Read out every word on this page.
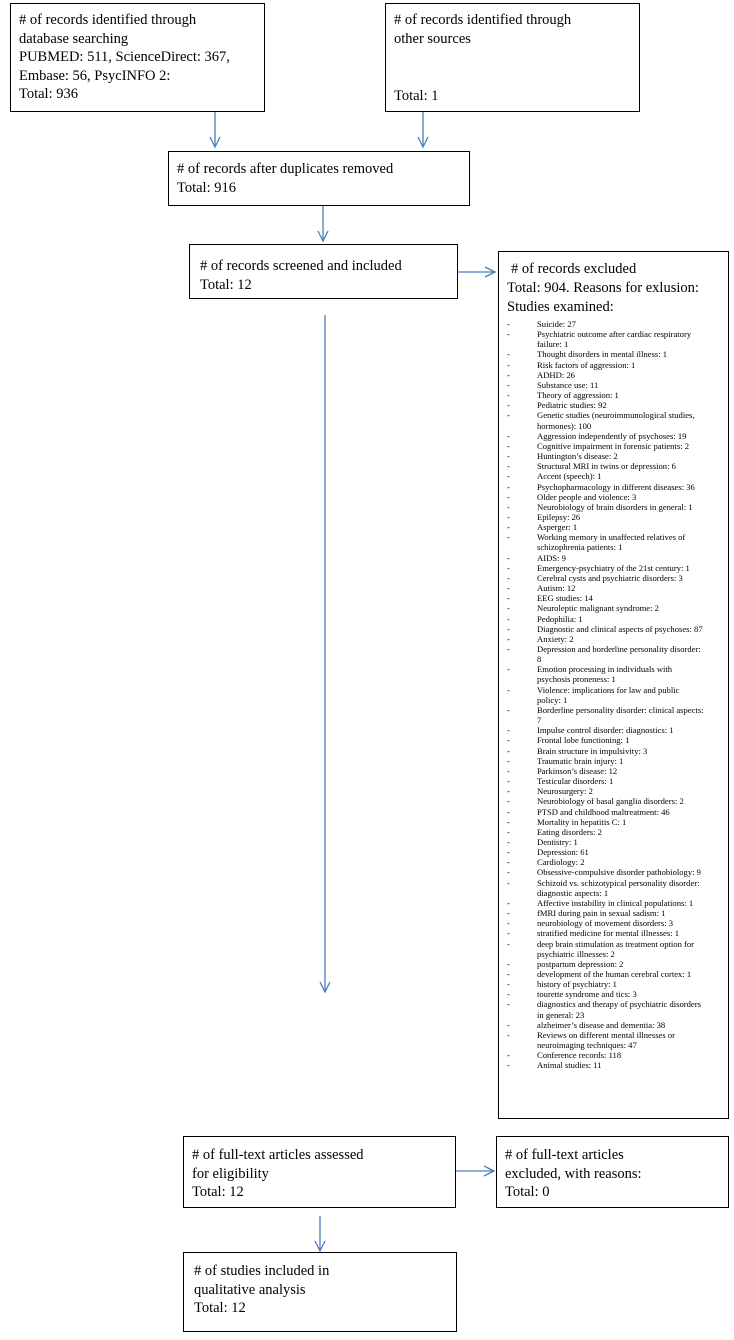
# of records identified through
database searching
PUBMED: 511, ScienceDirect: 367,
Embase: 56, PsycINFO 2:
Total: 936
# of records identified through
other sources
Total: 1
# of records after duplicates removed
Total: 916
# of records screened and included
Total: 12
# of records excluded
Total: 904. Reasons for exlusion:
Studies examined:
-	Suicide: 27
-	Psychiatric outcome after cardiac respiratory
failure: 1
-	Thought disorders in mental illness: 1
-	Risk factors of aggression: 1
-	ADHD: 26
-	Substance use: 11
-	Theory of aggression: 1
-	Pediatric studies: 92
-	Genetic studies (neuroimmunological studies,
hormones): 100
-	Aggression independently of psychoses: 19
-	Cognitive impairment in forensic patients: 2
-	Huntington’s disease: 2
-	Structural MRI in twins or depression: 6
-	Accent (speech): 1
-	Psychopharmacology in different diseases: 36
-	Older people and violence: 3
-	Neurobiology of brain disorders in general: 1
-	Epilepsy: 26
-	Asperger: 1
-	Working memory in unaffected relatives of
schizophrenia patients: 1
-	AIDS: 9
-	Emergency-psychiatry of the 21st century: 1
-	Cerebral cysts and psychiatric disorders: 3
-	Autism: 12
-	EEG studies: 14
-	Neuroleptic malignant syndrome: 2
-	Pedophilia: 1
-	Diagnostic and clinical aspects of psychoses: 87
-	Anxiety: 2
-	Depression and borderline personality disorder:
8
-	Emotion processing in individuals with
psychosis proneness: 1
-	Violence: implications for law and public
policy: 1
-	Borderline personality disorder: clinical aspects:
7
-	Impulse control disorder: diagnostics: 1
-	Frontal lobe functioning: 1
-	Brain structure in impulsivity: 3
-	Traumatic brain injury: 1
-	Parkinson’s disease: 12
-	Testicular disorders: 1
-	Neurosurgery: 2
-	Neurobiology of basal ganglia disorders: 2
-	PTSD and childhood maltreatment: 46
-	Mortality in hepatitis C: 1
-	Eating disorders: 2
-	Dentistry: 1
-	Depression: 61
-	Cardiology: 2
-	Obsessive-compulsive disorder pathobiology: 9
-	Schizoid vs. schizotypical personality disorder:
diagnostic aspects: 1
-	Affective instability in clinical populations: 1
-	fMRI during pain in sexual sadism: 1
-	neurobiology of movement disorders: 3
-	stratified medicine for mental illnesses: 1
-	deep brain stimulation as treatment option for
psychiatric illnesses: 2
-	postpartum depression: 2
-	development of the human cerebral cortex: 1
-	history of psychiatry: 1
-	tourette syndrome and tics: 3
-	diagnostics and therapy of psychiatric disorders
in general: 23
-	alzheimer’s disease and dementia: 38
-	Reviews on different mental illnesses or
neuroimaging techniques: 47
-	Conference records: 118
-	Animal studies: 11
# of full-text articles assessed
for eligibility
Total: 12
# of full-text articles
excluded, with reasons:
Total: 0
# of studies included in
qualitative analysis
Total: 12
